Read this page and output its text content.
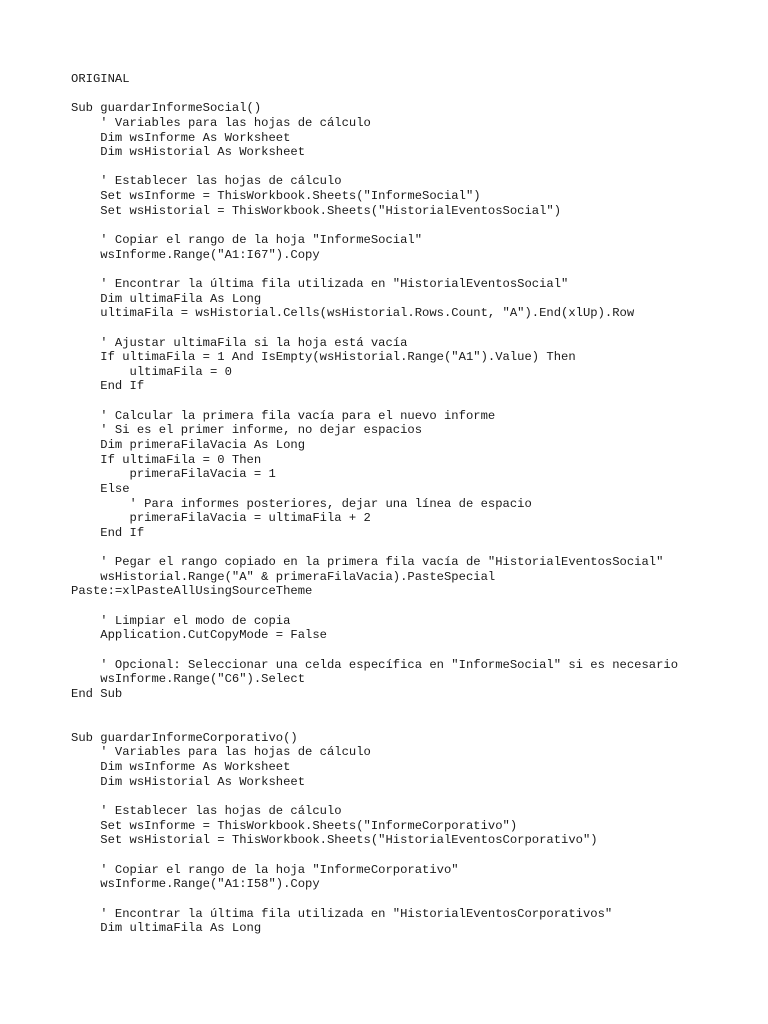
ORIGINAL
Sub guardarInformeSocial()
' Variables para las hojas de cálculo
Dim wsInforme As Worksheet
Dim wsHistorial As Worksheet
' Establecer las hojas de cálculo
Set wsInforme = ThisWorkbook.Sheets("InformeSocial")
Set wsHistorial = ThisWorkbook.Sheets("HistorialEventosSocial")
' Copiar el rango de la hoja "InformeSocial"
wsInforme.Range("A1:I67").Copy
' Encontrar la última fila utilizada en "HistorialEventosSocial"
Dim ultimaFila As Long
ultimaFila = wsHistorial.Cells(wsHistorial.Rows.Count, "A").End(xlUp).Row
' Ajustar ultimaFila si la hoja está vacía
If ultimaFila = 1 And IsEmpty(wsHistorial.Range("A1").Value) Then
ultimaFila = 0
End If
' Calcular la primera fila vacía para el nuevo informe
' Si es el primer informe, no dejar espacios
Dim primeraFilaVacia As Long
If ultimaFila = 0 Then
primeraFilaVacia = 1
Else
' Para informes posteriores, dejar una línea de espacio
primeraFilaVacia = ultimaFila + 2
End If
' Pegar el rango copiado en la primera fila vacía de "HistorialEventosSocial"
wsHistorial.Range("A" & primeraFilaVacia).PasteSpecial
Paste:=xlPasteAllUsingSourceTheme
' Limpiar el modo de copia
Application.CutCopyMode = False
' Opcional: Seleccionar una celda específica en "InformeSocial" si es necesario
wsInforme.Range("C6").Select
End Sub
Sub guardarInformeCorporativo()
' Variables para las hojas de cálculo
Dim wsInforme As Worksheet
Dim wsHistorial As Worksheet
' Establecer las hojas de cálculo
Set wsInforme = ThisWorkbook.Sheets("InformeCorporativo")
Set wsHistorial = ThisWorkbook.Sheets("HistorialEventosCorporativo")
' Copiar el rango de la hoja "InformeCorporativo"
wsInforme.Range("A1:I58").Copy
' Encontrar la última fila utilizada en "HistorialEventosCorporativos"
Dim ultimaFila As Long
